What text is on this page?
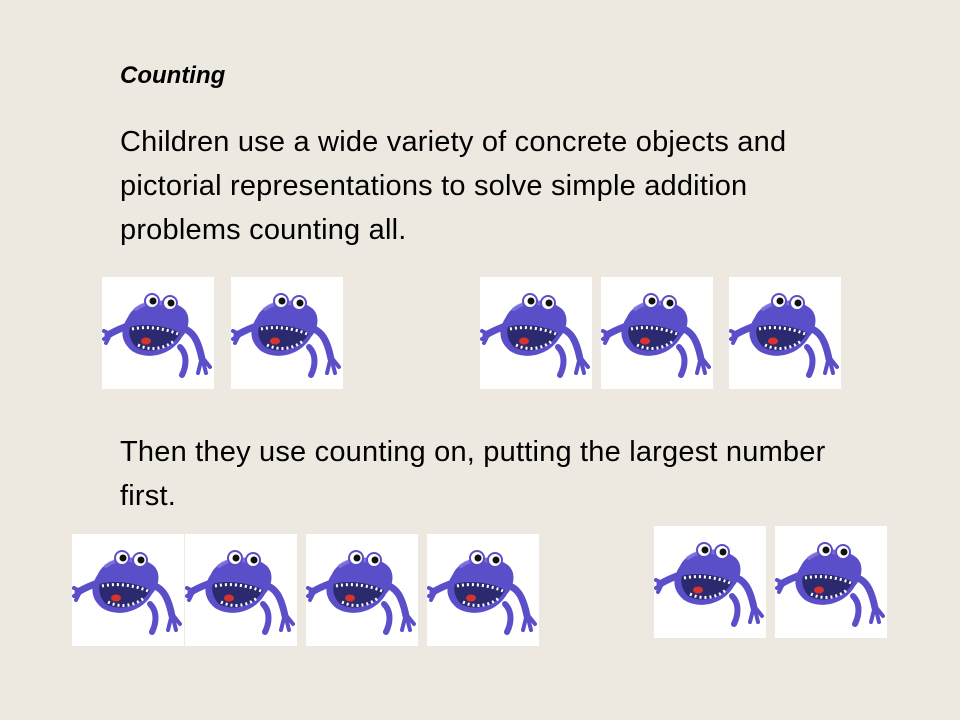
Counting
Children use a wide variety of concrete objects and pictorial representations to solve simple addition problems counting all.
Then they use counting on, putting the largest number first.
